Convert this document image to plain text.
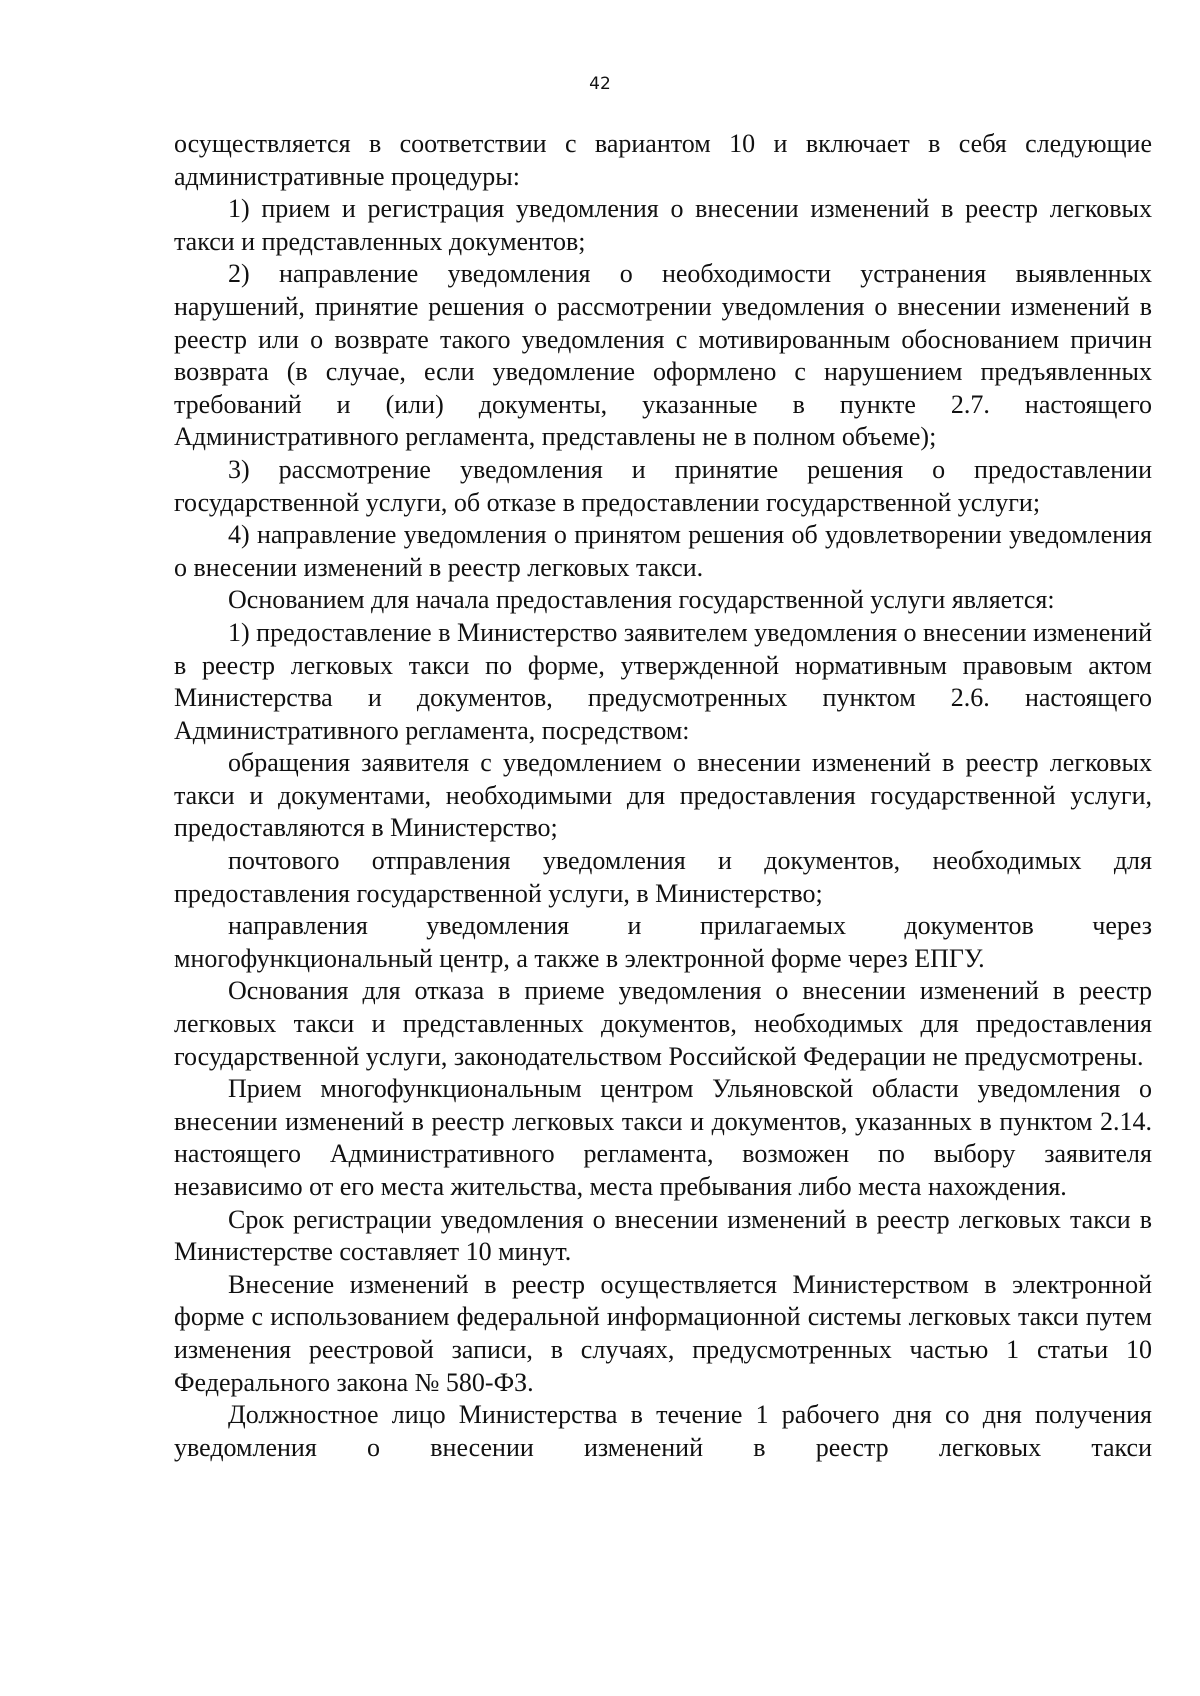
42

осуществляется в соответствии с вариантом 10 и включает в себя следующие административные процедуры:

1) прием и регистрация уведомления о внесении изменений в реестр легковых такси и представленных документов;

2) направление уведомления о необходимости устранения выявленных нарушений, принятие решения о рассмотрении уведомления о внесении изменений в реестр или о возврате такого уведомления с мотивированным обоснованием причин возврата (в случае, если уведомление оформлено с нарушением предъявленных требований и (или) документы, указанные в пункте 2.7. настоящего Административного регламента, представлены не в полном объеме);

3) рассмотрение уведомления и принятие решения о предоставлении государственной услуги, об отказе в предоставлении государственной услуги;

4) направление уведомления о принятом решения об удовлетворении уведомления о внесении изменений в реестр легковых такси.

Основанием для начала предоставления государственной услуги является:

1) предоставление в Министерство заявителем уведомления о внесении изменений в реестр легковых такси по форме, утвержденной нормативным правовым актом Министерства и документов, предусмотренных пунктом 2.6. настоящего Административного регламента, посредством:

обращения заявителя с уведомлением о внесении изменений в реестр легковых такси и документами, необходимыми для предоставления государственной услуги, предоставляются в Министерство;

почтового отправления уведомления и документов, необходимых для предоставления государственной услуги, в Министерство;

направления уведомления и прилагаемых документов через многофункциональный центр, а также в электронной форме через ЕПГУ.

Основания для отказа в приеме уведомления о внесении изменений в реестр легковых такси и представленных документов, необходимых для предоставления государственной услуги, законодательством Российской Федерации не предусмотрены.

Прием многофункциональным центром Ульяновской области уведомления о внесении изменений в реестр легковых такси и документов, указанных в пунктом 2.14. настоящего Административного регламента, возможен по выбору заявителя независимо от его места жительства, места пребывания либо места нахождения.

Срок регистрации уведомления о внесении изменений в реестр легковых такси в Министерстве составляет 10 минут.

Внесение изменений в реестр осуществляется Министерством в электронной форме с использованием федеральной информационной системы легковых такси путем изменения реестровой записи, в случаях, предусмотренных частью 1 статьи 10 Федерального закона № 580-ФЗ.

Должностное лицо Министерства в течение 1 рабочего дня со дня получения уведомления о внесении изменений в реестр легковых такси
